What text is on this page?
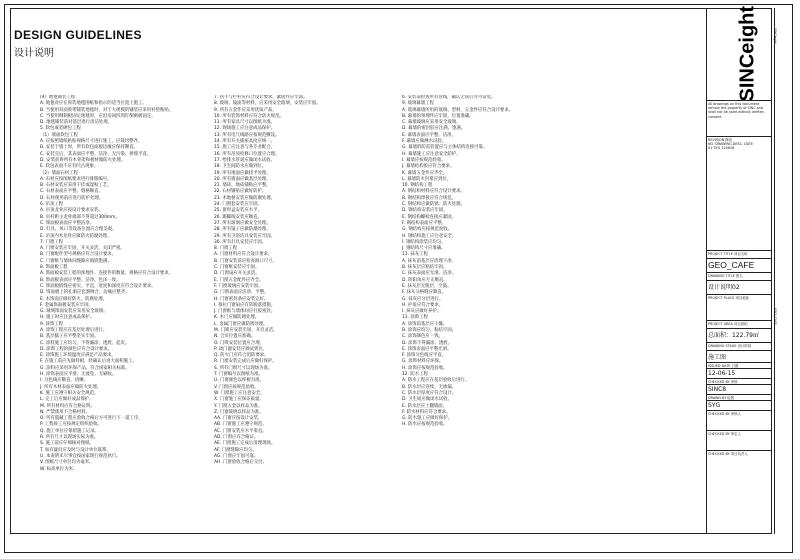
DESIGN GUIDELINES
设计说明
(4）地毯铺装工程
A. 地毯对应在预装地毯图纸和指示的适当位置上施工。
B. 当使用双面胶带铺装地毯时，对于大规模的铺装应采用衬垫粘贴。
C. 当使用倒刺板固定地毯时，应沿房间四周钉倒刺板固定。
D. 地毯铺装前对基层进行清洁处理。
5. 软包或者硬包工程
（1）墙面软包工程
A. 应按照墙纸粘贴规格尺寸进行施工，应裁切整齐。
B. 安装于墙上时，所有软包面板边缘应保持顺直。
C. 安装完后，其表面应平整、洁净，无污染、拼缝平直。
D. 安装前将所有木骨架和板材做防火处理。
E. 软包表面不应有凹凸现象。
（2）墙面石材工程
A. 石材应按图纸要求进行排版编号。
B. 石材安装应采用干挂或湿贴工艺。
C. 石材表面应平整、缝格顺直。
D. 石材使用前应进行防护处理。
6. 吊顶工程
A. 吊顶龙骨应按设计要求安装。
B. 吊杆距主龙骨端部不得超过300mm。
C. 饰面板表面应平整洁净。
D. 灯具、风口等设备位置应合理美观。
E. 吊顶内木龙骨应做防火防腐处理。
7. 门窗工程
A. 门窗安装应牢固，开关灵活，关闭严密。
B. 门窗配件型号规格应符合设计要求。
C. 门窗框与墙体间缝隙应填嵌饱满。
8. 饰面板工程
A. 饰面板安装工程的预埋件、连接件的数量、规格应符合设计要求。
B. 饰面板表面应平整、洁净、色泽一致。
C. 饰面板嵌缝应密实、平直，宽度和深度应符合设计要求。
D. 饰面板上的孔洞应套割吻合，边缘应整齐。
E. 木饰面应做好防火、防腐处理。
F. 金属饰面板安装应牢固。
G. 玻璃饰面安装应采用安全玻璃。
H. 施工时应注意成品保护。
9. 涂饰工程
A. 涂饰工程应在基层处理后进行。
B. 基层腻子应平整坚实牢固。
C. 涂料施工应均匀，不得漏涂、透底、起皮。
D. 涂饰工程的颜色应符合设计要求。
E. 涂饰施工环境温度应满足产品要求。
F. 在施工前应先做样板，经确认后再大面积施工。
G. 涂料应采用环保产品，符合国家相关标准。
H. 涂饰表面应平滑、无流坠、无刷纹。
I. 分色线应顺直、清晰。
J. 所有木材表面应做防火处理。
K. 施工应遵守相关安全规范。
L. 完工后应做好成品保护。
M. 所有材料应有合格证明。
N. 严禁使用不合格材料。
O. 所有隐蔽工程应验收合格后方可进行下一道工序。
P. 工程竣工应按规定组织验收。
Q. 施工单位应保留施工记录。
R. 所有尺寸以现场实际为准。
S. 施工前应仔细核对图纸。
T. 如有疑问应及时与设计单位联系。
U. 本说明未尽事宜按国家现行规范执行。
V. 图纸尺寸单位均为毫米。
W. 标高单位为米。
7. 扶手与栏杆应符合设计要求，紧固件应牢固。
8. 玻璃、镜面等材料，应采用安全玻璃，安装应牢固。
9. 所有五金件应采用优质产品。
10. 所有装饰材料应符合防火规范。
11. 所有家具尺寸以图纸为准。
12. 现场施工应注意成品保护。
13. 所有电气线路应按规范敷设。
14. 所有开关插座高度应统一。
15. 施工应注意与各专业配合。
16. 所有吊顶检修口位置应合理。
17. 给排水管道应做闭水试验。
18. 卫生间防水应做到位。
19. 所有地面应做找平处理。
20. 所有墙面应做基层处理。
21. 墙砖、地砖铺贴应平整。
22. 石材铺贴应做好防护。
23. 木地板安装应做防潮处理。
24. 门窗套安装应牢固。
25. 窗帘盒安装应水平。
26. 踢脚线安装应顺直。
27. 所有玻璃应做安全处理。
28. 所有镜子应做防潮处理。
29. 所有卫浴洁具安装应牢固。
30. 所有灯具安装应牢固。
8. 门窗工程
A. 门窗材料应符合设计要求。
B. 门窗安装前应检查洞口尺寸。
C. 门窗框安装应牢固。
D. 门窗扇应开关灵活。
E. 门窗五金配件应齐全。
F. 门窗玻璃应安装牢固。
G. 门窗表面应洁净、平整。
H. 门窗密封条应安装完好。
I. 推拉门窗扇应有防脱落措施。
J. 门窗框与墙体间应打胶密封。
K. 木门应做防腐处理。
L. 金属门窗应做防锈处理。
M. 门锁应安装牢固、开启灵活。
N. 合页位置应准确。
O. 门吸安装位置应合理。
P. 闭门器安装应调试到位。
Q. 防火门应符合消防要求。
R. 门窗安装完成后应做好保护。
S. 所有门窗尺寸以现场为准。
T. 门窗编号以图纸为准。
U. 门窗颜色以样板为准。
V. 门窗应按规范验收。
W. 门窗施工应注意安全。
X. 门窗施工应保证质量。
Y. 门窗五金以样品为准。
Z. 门窗玻璃以样品为准。
AA. 门窗应按设计安装。
AB. 门窗施工应遵守规范。
AC. 门窗安装应水平垂直。
AD. 门窗应有合格证。
AE. 门窗施工完成后清理现场。
AF. 门窗缝隙应均匀。
AG. 门窗应牢固可靠。
AH. 门窗验收合格后交付。
6. 安装前检查所有管线，确认无误后方可安装。
9. 玻璃幕墙工程
A. 玻璃幕墙所用的玻璃、型材、五金件应符合设计要求。
B. 幕墙的预埋件应牢固，位置准确。
C. 幕墙玻璃应采用安全玻璃。
D. 幕墙的密封胶应注满、饱满。
E. 幕墙表面应平整、洁净。
F. 幕墙应做淋水试验。
G. 幕墙的防雷装置应与主体结构连接可靠。
H. 幕墙施工应注意安全防护。
I. 幕墙应按规范验收。
J. 幕墙结构胶应符合要求。
K. 幕墙五金件应齐全。
L. 幕墙防火封堵应到位。
10. 钢结构工程
A. 钢结构材料应符合设计要求。
B. 钢结构焊接应符合规范。
C. 钢结构应做防锈、防火处理。
D. 钢结构安装应牢固。
E. 钢结构螺栓连接应紧固。
F. 钢结构表面应平整。
G. 钢结构应按规范验收。
H. 钢结构施工应注意安全。
I. 钢结构涂装应均匀。
J. 钢结构尺寸应准确。
11. 抹灰工程
A. 抹灰前基层应清理干净。
B. 抹灰层应粘结牢固。
C. 抹灰表面应光滑、洁净。
D. 阴阳角应方正顺直。
E. 抹灰层无脱层、空鼓。
F. 抹灰分格缝应顺直。
G. 抹灰应分层进行。
H. 护角应符合要求。
I. 抹灰应做好养护。
11. 涂饰工程
A. 涂饰前基层应干燥。
B. 涂饰应均匀、粘结牢固。
C. 涂饰颜色应一致。
D. 涂饰不得漏涂、透底。
E. 涂饰表面应平整光滑。
F. 涂饰分色线应平直。
G. 涂饰材料应环保。
H. 涂饰应按规范验收。
12. 防水工程
A. 防水工程应在基层验收后进行。
B. 防水层应连续、无渗漏。
C. 防水层厚度应符合设计。
D. 卫生间应做闭水试验。
E. 防水层应上翻墙面。
F. 防水材料应符合要求。
G. 防水施工应做好保护。
H. 防水应按规范验收。
SINCeight
All drawings on this document remain the property of SINC and shall not be used without written consent.
REVISION 修改
NO. DRAWING DESC. DATE
01 SYG 120628
PROJECT TITLE 项目名称
GEO_CAFE
DRAWING TITLE 图名
设计说明02
PROJECT PLACE 项目地址
PROJECT AREA 项目面积
总面积：122.79㎡
DRAWING STAGE 设计阶段
施工图
ISSUED DATE 日期
12-06-15
CHECKED BY 审核
SINC8
DRAWN BY 绘图
SYG
CHECKED BY 审核人
CHECKED BY 审定人
CHECKED BY 项目负责人
SINCeight
GEO_CAFE
